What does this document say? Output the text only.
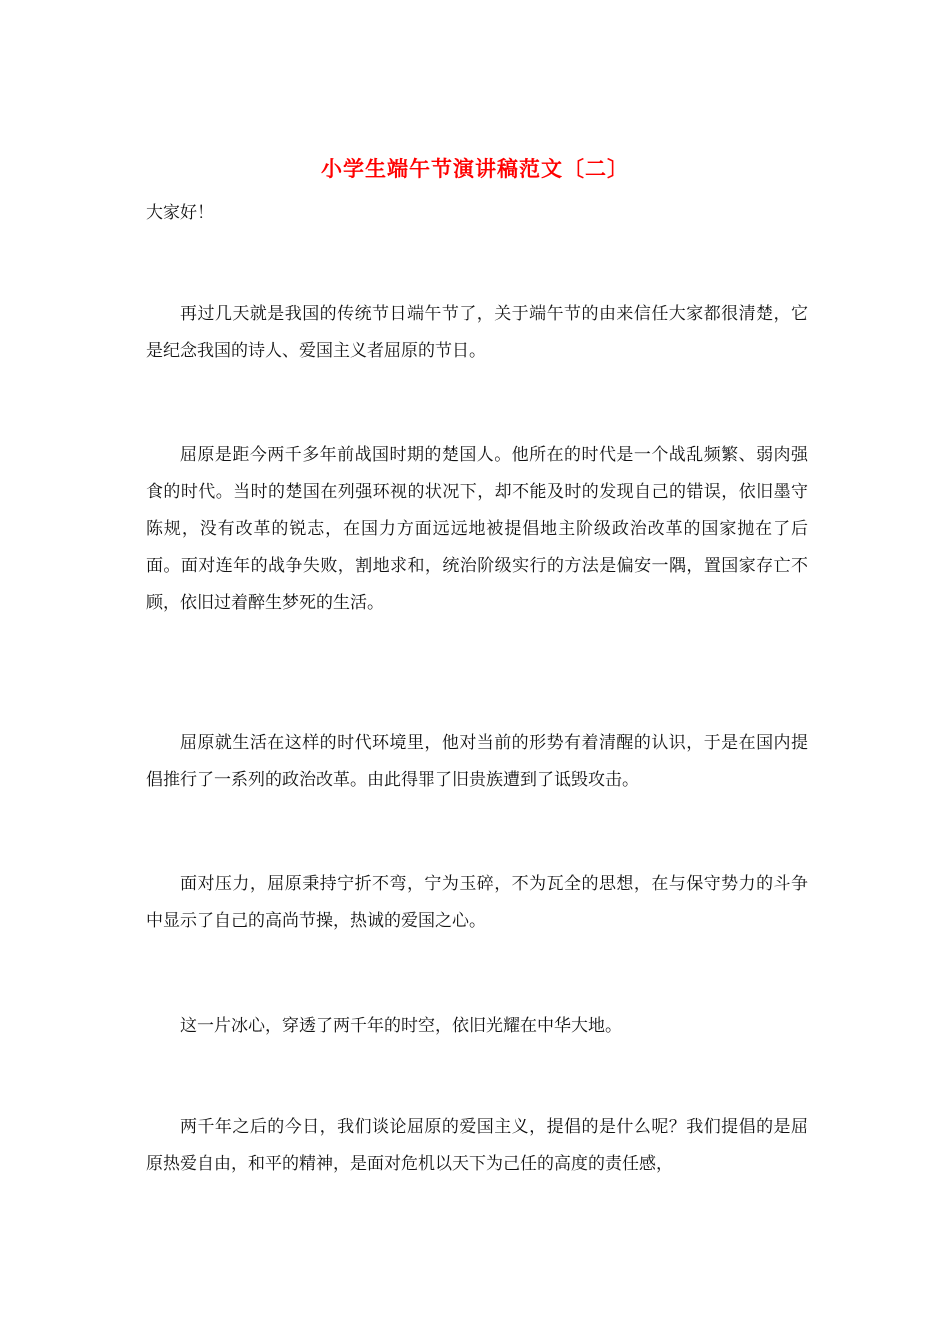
小学生端午节演讲稿范文〔二〕
大家好！

再过几天就是我国的传统节日端午节了，关于端午节的由来信任大家都很清楚，它是纪念我国的诗人、爱国主义者屈原的节日。

屈原是距今两千多年前战国时期的楚国人。他所在的时代是一个战乱频繁、弱肉强食的时代。当时的楚国在列强环视的状况下，却不能及时的发现自己的错误，依旧墨守陈规，没有改革的锐志，在国力方面远远地被提倡地主阶级政治改革的国家抛在了后面。面对连年的战争失败，割地求和，统治阶级实行的方法是偏安一隅，置国家存亡不顾，依旧过着醉生梦死的生活。

屈原就生活在这样的时代环境里，他对当前的形势有着清醒的认识，于是在国内提倡推行了一系列的政治改革。由此得罪了旧贵族遭到了诋毁攻击。

面对压力，屈原秉持宁折不弯，宁为玉碎，不为瓦全的思想，在与保守势力的斗争中显示了自己的高尚节操，热诚的爱国之心。

这一片冰心，穿透了两千年的时空，依旧光耀在中华大地。

两千年之后的今日，我们谈论屈原的爱国主义，提倡的是什么呢？我们提倡的是屈原热爱自由，和平的精神，是面对危机以天下为己任的高度的责任感，
